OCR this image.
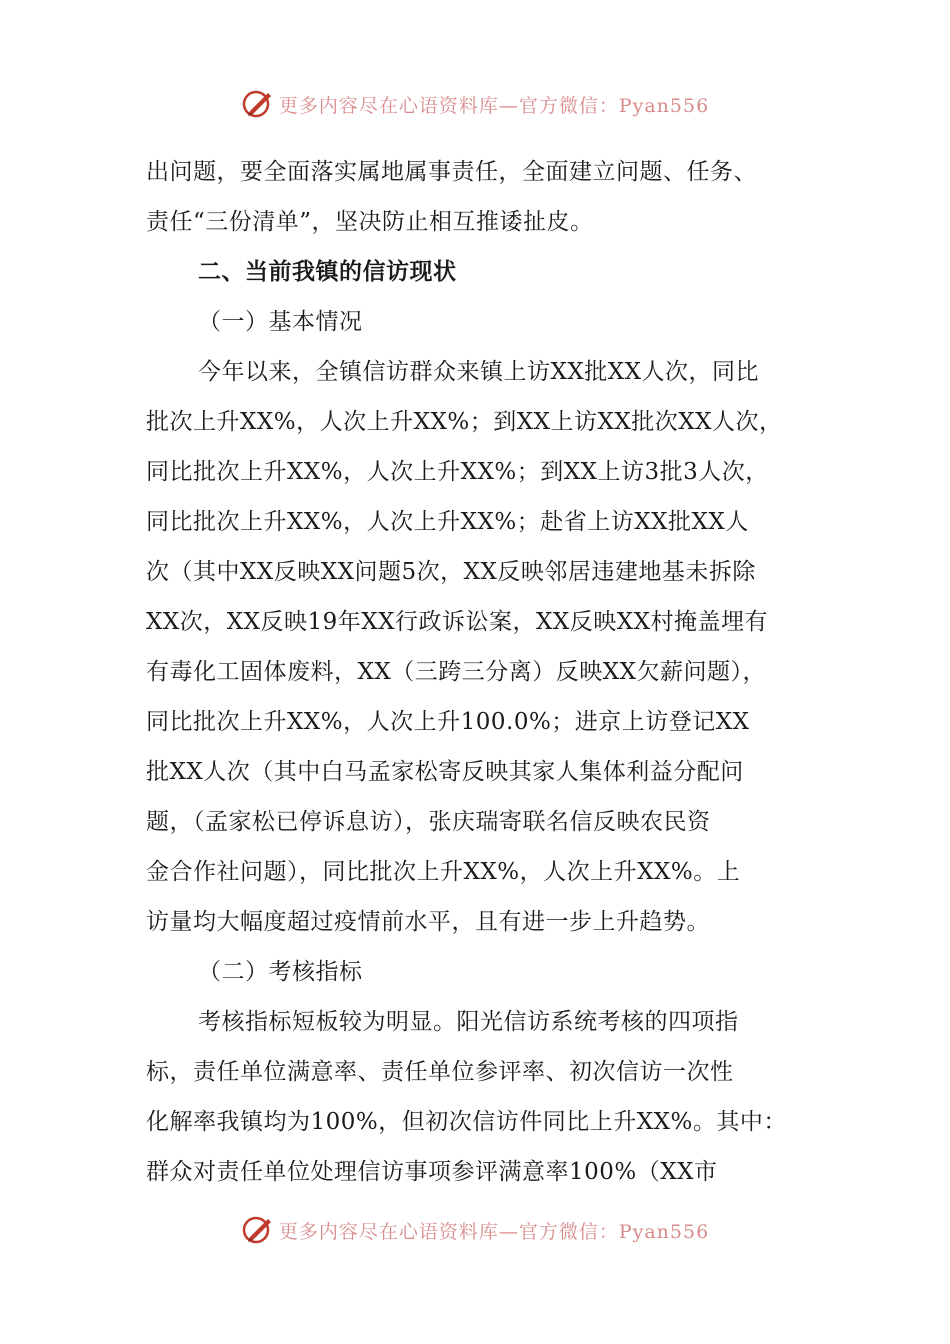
更多内容尽在心语资料库—官方微信：Pyan556
出问题，要全面落实属地属事责任，全面建立问题、任务、
责任“三份清单”，坚决防止相互推诿扯皮。
二、当前我镇的信访现状
（一）基本情况
今年以来，全镇信访群众来镇上访XX批XX人次，同比
批次上升XX%，人次上升XX%；到XX上访XX批次XX人次，
同比批次上升XX%，人次上升XX%；到XX上访3批3人次，
同比批次上升XX%，人次上升XX%；赴省上访XX批XX人
次（其中XX反映XX问题5次，XX反映邻居违建地基未拆除
XX次，XX反映19年XX行政诉讼案，XX反映XX村掩盖埋有
有毒化工固体废料，XX（三跨三分离）反映XX欠薪问题），
同比批次上升XX%，人次上升100.0%；进京上访登记XX
批XX人次（其中白马孟家松寄反映其家人集体利益分配问
题，（孟家松已停诉息访），张庆瑞寄联名信反映农民资
金合作社问题），同比批次上升XX%，人次上升XX%。上
访量均大幅度超过疫情前水平，且有进一步上升趋势。
（二）考核指标
考核指标短板较为明显。阳光信访系统考核的四项指
标，责任单位满意率、责任单位参评率、初次信访一次性
化解率我镇均为100%，但初次信访件同比上升XX%。其中：
群众对责任单位处理信访事项参评满意率100%（XX市
更多内容尽在心语资料库—官方微信：Pyan556
